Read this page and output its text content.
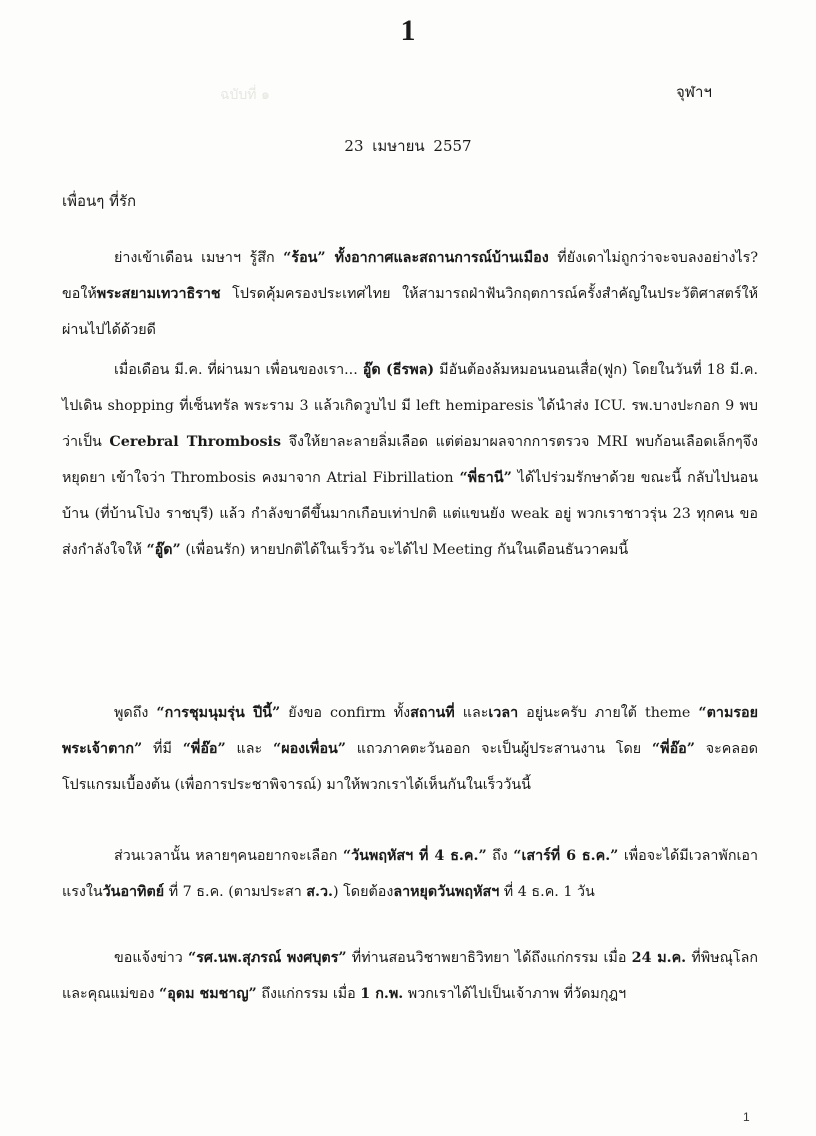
1
ฉบับที่ ๑	จุฬาฯ
23 เมษายน 2557
เพื่อนๆ ที่รัก

ย่างเข้าเดือน เมษาฯ รู้สึก “ร้อน” ทั้งอากาศและสถานการณ์บ้านเมือง ที่ยังเดาไม่ถูกว่าจะจบลงอย่างไร? ขอให้พระสยามเทวาธิราช โปรดคุ้มครองประเทศไทย ให้สามารถฝ่าฟันวิกฤตการณ์ครั้งสำคัญในประวัติศาสตร์ให้ผ่านไปได้ด้วยดี

เมื่อเดือน มี.ค. ที่ผ่านมา เพื่อนของเรา... อู๊ด (ธีรพล) มีอันต้องล้มหมอนนอนเสื่อ(ฟูก) โดยในวันที่ 18 มี.ค. ไปเดิน shopping ที่เซ็นทรัล พระราม 3 แล้วเกิดวูบไป มี left hemiparesis ได้นำส่ง ICU. รพ.บางปะกอก 9 พบว่าเป็น Cerebral Thrombosis จึงให้ยาละลายลิ่มเลือด แต่ต่อมาผลจากการตรวจ MRI พบก้อนเลือดเล็กๆจึงหยุดยา เข้าใจว่า Thrombosis คงมาจาก Atrial Fibrillation “พี่ธานี” ได้ไปร่วมรักษาด้วย ขณะนี้ กลับไปนอนบ้าน (ที่บ้านโป่ง ราชบุรี) แล้ว กำลังขาดีขึ้นมากเกือบเท่าปกติ แต่แขนยัง weak อยู่ พวกเราชาวรุ่น 23 ทุกคน ขอส่งกำลังใจให้ “อู๊ด” (เพื่อนรัก) หายปกติได้ในเร็ววัน จะได้ไป Meeting กันในเดือนธันวาคมนี้

พูดถึง “การชุมนุมรุ่น ปีนี้” ยังขอ confirm ทั้งสถานที่ และเวลา อยู่นะครับ ภายใต้ theme “ตามรอยพระเจ้าตาก” ที่มี “พี่อ๊อ” และ “ผองเพื่อน” แถวภาคตะวันออก จะเป็นผู้ประสานงาน โดย “พี่อ๊อ” จะคลอดโปรแกรมเบื้องต้น (เพื่อการประชาพิจารณ์) มาให้พวกเราได้เห็นกันในเร็ววันนี้

ส่วนเวลานั้น หลายๆคนอยากจะเลือก “วันพฤหัสฯ ที่ 4 ธ.ค.” ถึง “เสาร์ที่ 6 ธ.ค.” เพื่อจะได้มีเวลาพักเอาแรงในวันอาทิตย์ ที่ 7 ธ.ค. (ตามประสา ส.ว.) โดยต้องลาหยุดวันพฤหัสฯ ที่ 4 ธ.ค. 1 วัน

ขอแจ้งข่าว “รศ.นพ.สุภรณ์ พงศบุตร” ที่ท่านสอนวิชาพยาธิวิทยา ได้ถึงแก่กรรม เมื่อ 24 ม.ค. ที่พิษณุโลก และคุณแม่ของ “อุดม ชมชาญ” ถึงแก่กรรม เมื่อ 1 ก.พ. พวกเราได้ไปเป็นเจ้าภาพ ที่วัดมกุฎฯ

1
